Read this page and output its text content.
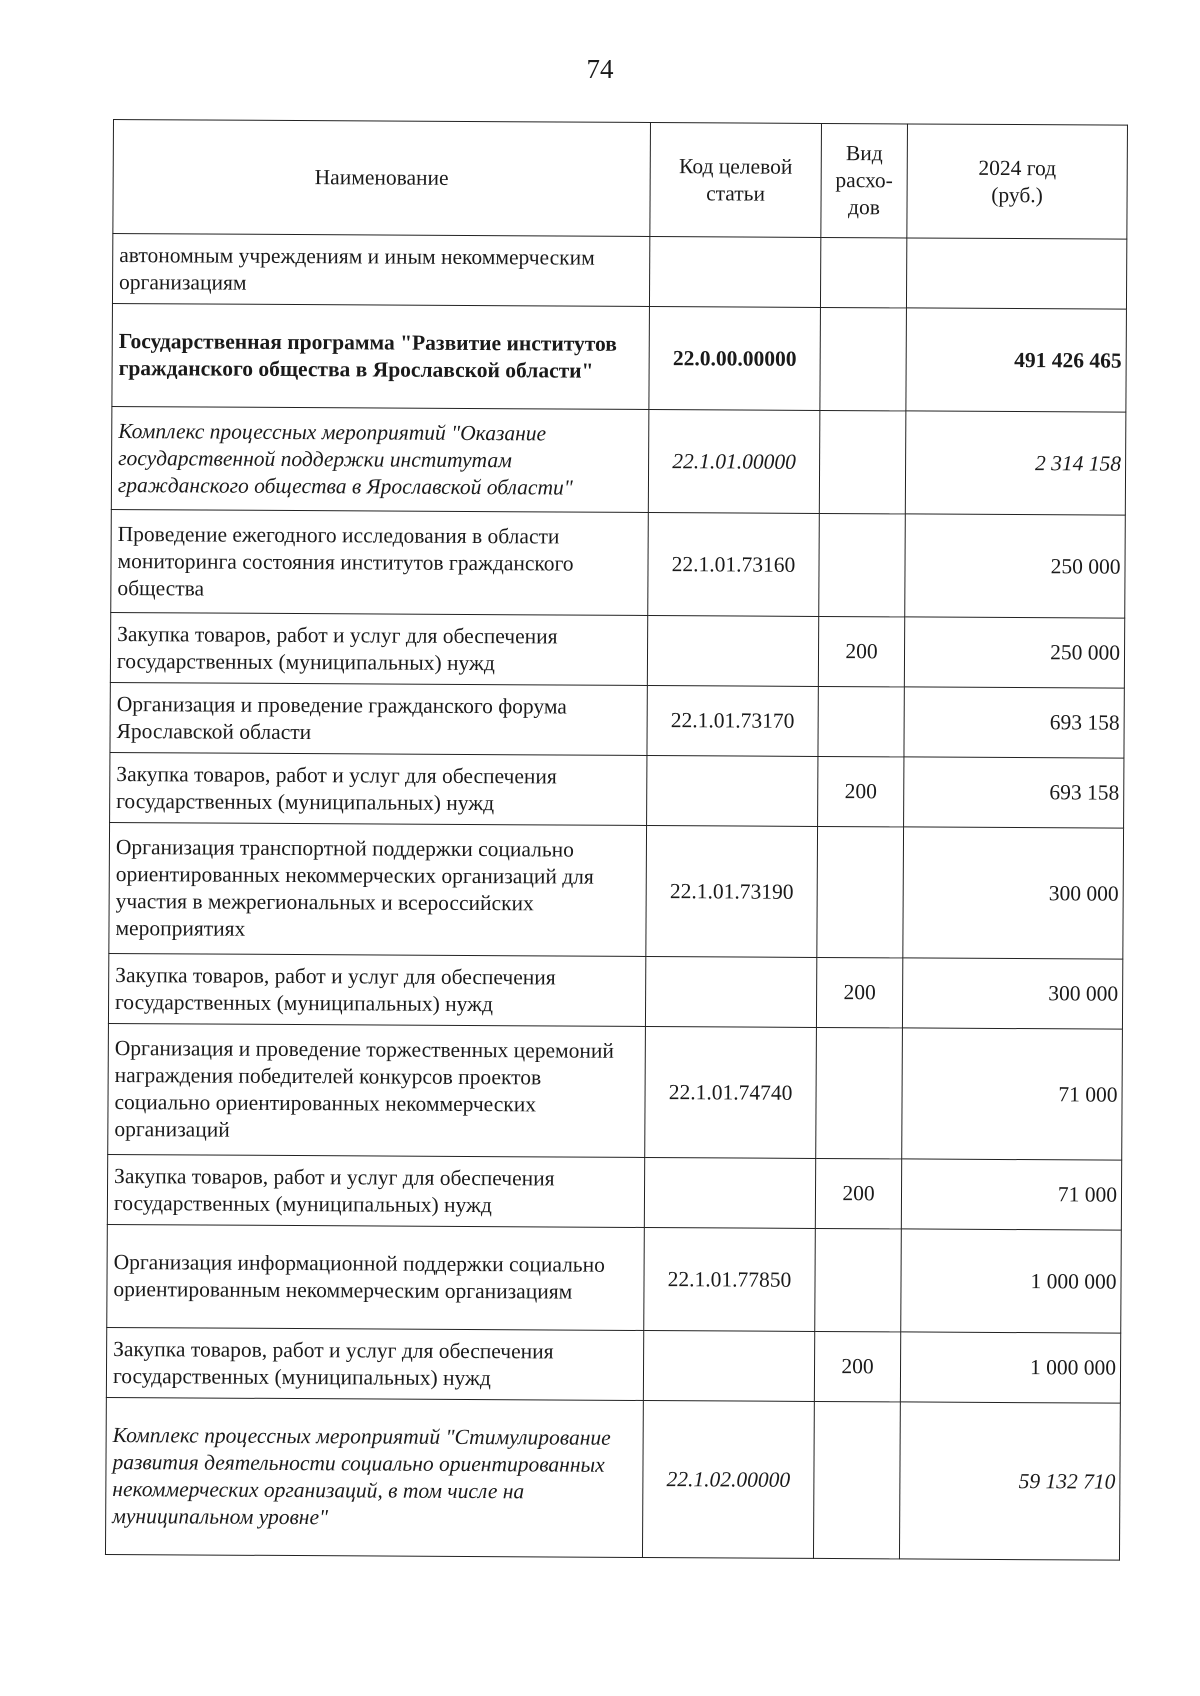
74
Наименование	Код целевой статьи	Вид расхо-дов	2024 год (руб.)
автономным учреждениям и иным некоммерческим организациям			
Государственная программа "Развитие институтов гражданского общества в Ярославской области"	22.0.00.00000		491 426 465
Комплекс процессных мероприятий "Оказание государственной поддержки институтам гражданского общества в Ярославской области"	22.1.01.00000		2 314 158
Проведение ежегодного исследования в области мониторинга состояния институтов гражданского общества	22.1.01.73160		250 000
Закупка товаров, работ и услуг для обеспечения государственных (муниципальных) нужд		200	250 000
Организация и проведение гражданского форума Ярославской области	22.1.01.73170		693 158
Закупка товаров, работ и услуг для обеспечения государственных (муниципальных) нужд		200	693 158
Организация транспортной поддержки социально ориентированных некоммерческих организаций для участия в межрегиональных и всероссийских мероприятиях	22.1.01.73190		300 000
Закупка товаров, работ и услуг для обеспечения государственных (муниципальных) нужд		200	300 000
Организация и проведение торжественных церемоний награждения победителей конкурсов проектов социально ориентированных некоммерческих организаций	22.1.01.74740		71 000
Закупка товаров, работ и услуг для обеспечения государственных (муниципальных) нужд		200	71 000
Организация информационной поддержки социально ориентированным некоммерческим организациям	22.1.01.77850		1 000 000
Закупка товаров, работ и услуг для обеспечения государственных (муниципальных) нужд		200	1 000 000
Комплекс процессных мероприятий "Стимулирование развития деятельности социально ориентированных некоммерческих организаций, в том числе на муниципальном уровне"	22.1.02.00000		59 132 710
